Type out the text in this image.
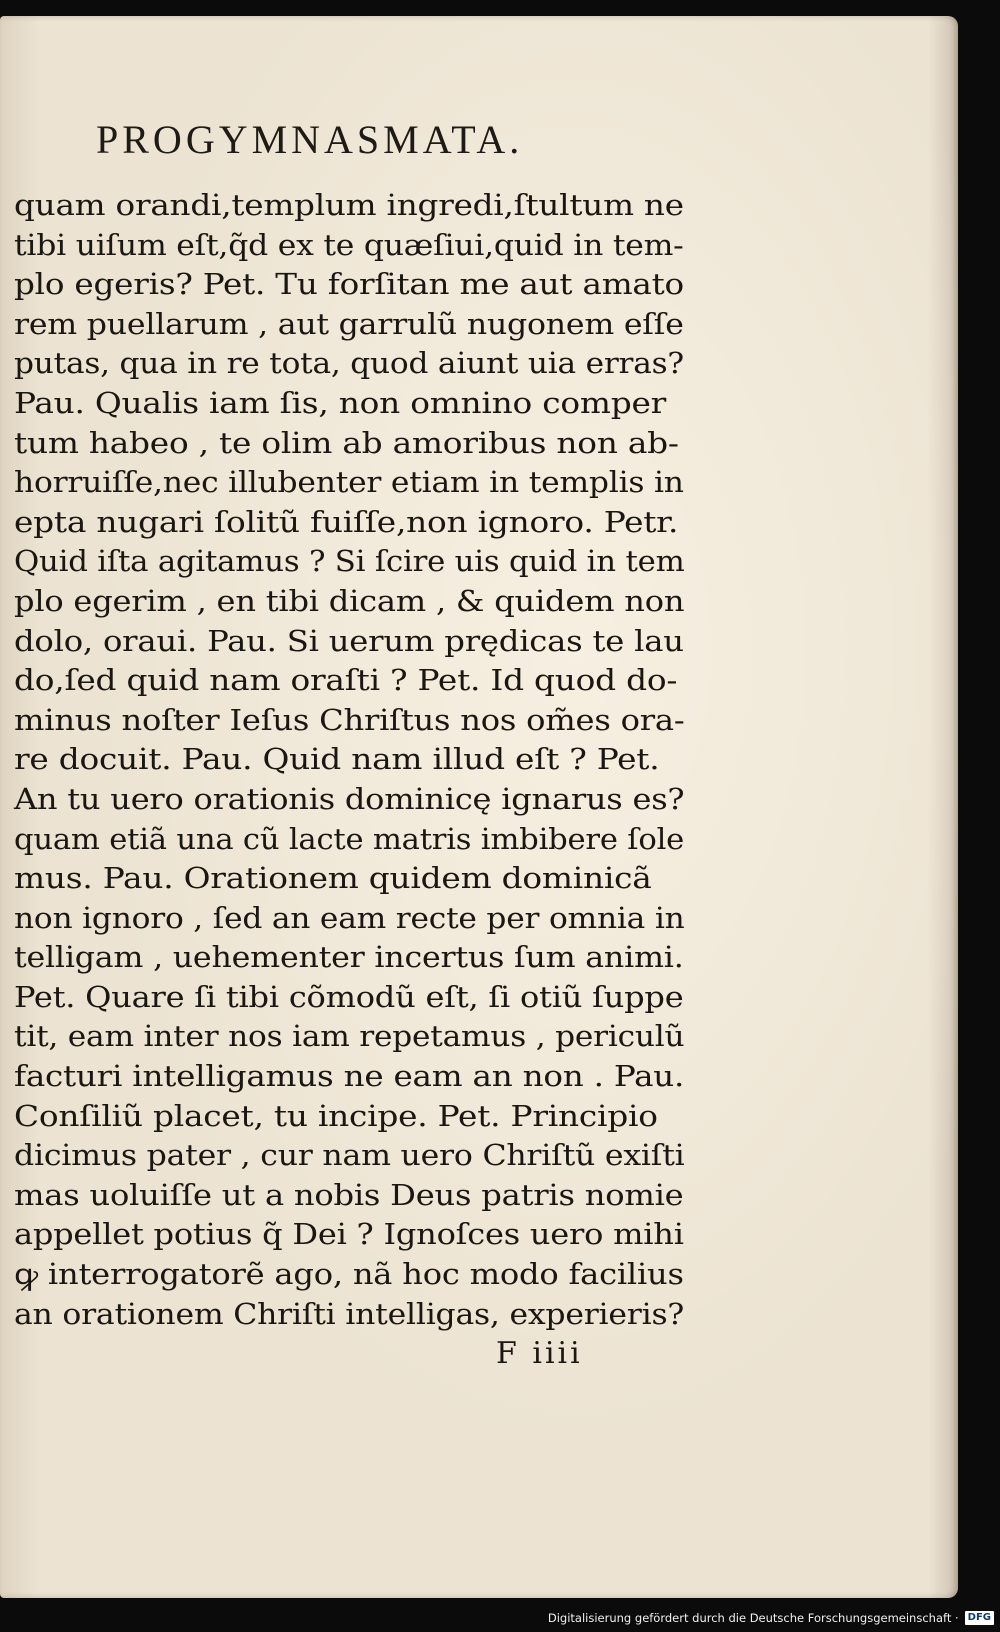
PROGYMNASMATA.
quam orandi,templum ingredi,ſtultum ne
tibi uiſum eſt,q̃d ex te quæſiui,quid in tem-
plo egeris? Pet. Tu forſitan me aut amato
rem puellarum , aut garrulũ nugonem eſſe
putas, qua in re tota, quod aiunt uia erras?
Pau. Qualis iam ſis, non omnino comper
tum habeo , te olim ab amoribus non ab-
horruiſſe,nec illubenter etiam in templis in
epta nugari ſolitũ fuiſſe,non ignoro. Petr.
Quid iſta agitamus ? Si ſcire uis quid in tem
plo egerim , en tibi dicam , & quidem non
dolo, oraui. Pau. Si uerum prędicas te lau
do,ſed quid nam oraſti ? Pet. Id quod do-
minus noſter Ieſus Chriſtus nos om̃es ora-
re docuit. Pau. Quid nam illud eſt ? Pet.
An tu uero orationis dominicę ignarus es?
quam etiã una cũ lacte matris imbibere ſole
mus. Pau. Orationem quidem dominicã
non ignoro , ſed an eam recte per omnia in
telligam , uehementer incertus ſum animi.
Pet. Quare ſi tibi cõmodũ eſt, ſi otiũ ſuppe
tit, eam inter nos iam repetamus , periculũ
facturi intelligamus ne eam an non . Pau.
Conſiliũ placet, tu incipe. Pet. Principio
dicimus pater , cur nam uero Chriſtũ exiſti
mas uoluiſſe ut a nobis Deus patris nomie
appellet potius q̃ Dei ? Ignoſces uero mihi
ꝙ interrogatorẽ ago, nã hoc modo facilius
an orationem Chriſti intelligas, experieris?
F iiii
Digitalisierung gefördert durch die Deutsche Forschungsgemeinschaft · DFG
